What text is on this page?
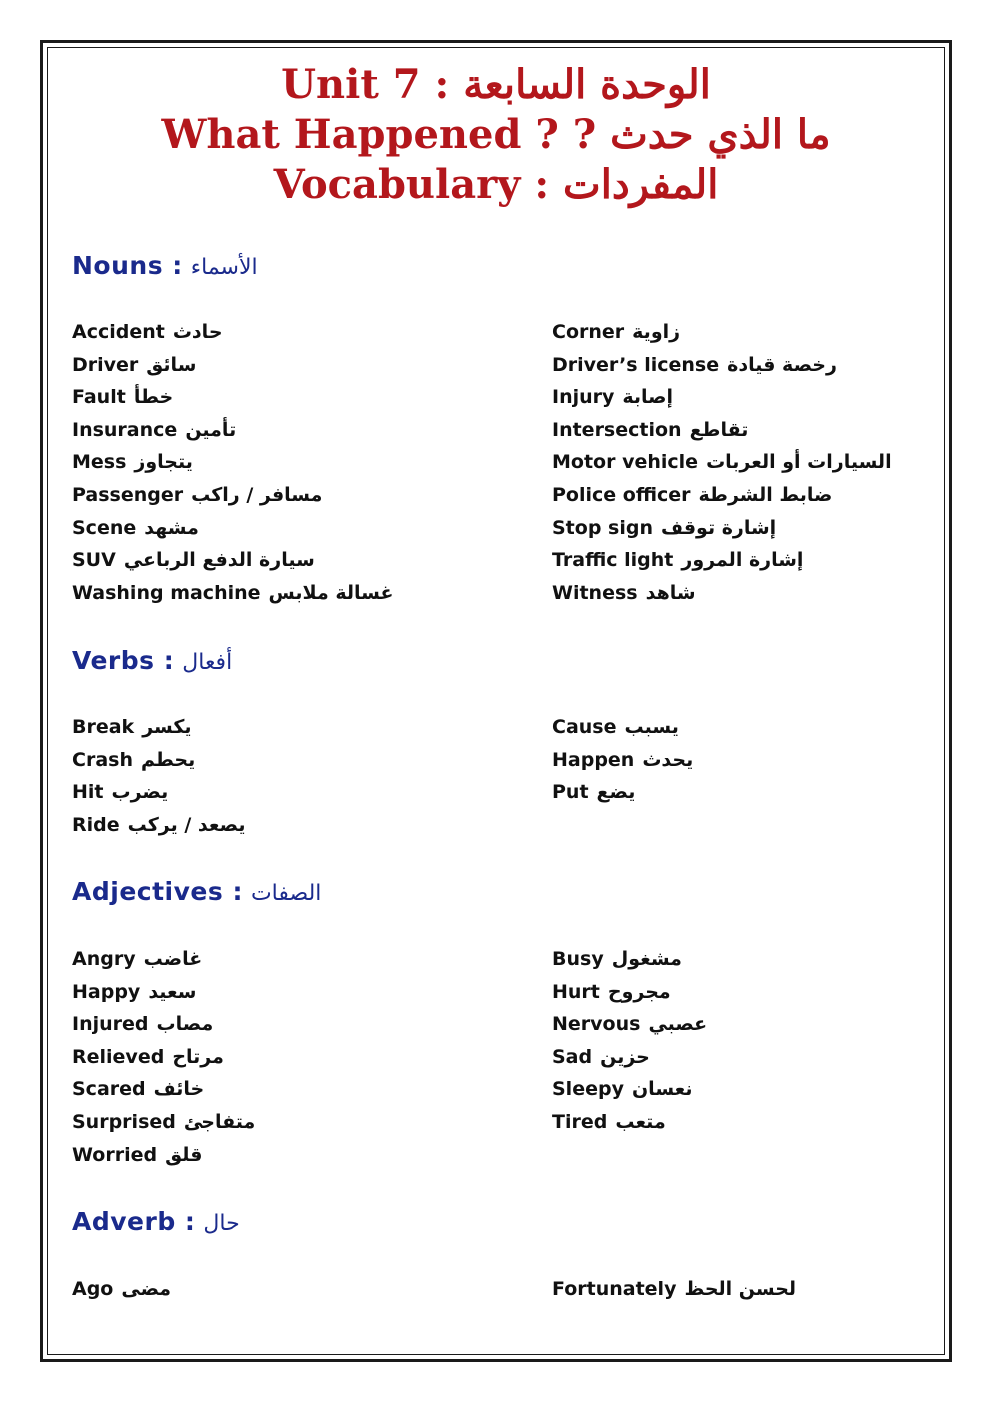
Unit 7 : الوحدة السابعة
What Happened ? ? ما الذي حدث
Vocabulary : المفردات
Nouns : الأسماء
Accident حادث
Driver سائق
Fault خطأ
Insurance تأمين
Mess يتجاوز
Passenger مسافر / راكب
Scene مشهد
SUV سيارة الدفع الرباعي
Washing machine غسالة ملابس
Corner زاوية
Driver’s license رخصة قيادة
Injury إصابة
Intersection تقاطع
Motor vehicle السيارات أو العربات
Police officer ضابط الشرطة
Stop sign إشارة توقف
Traffic light إشارة المرور
Witness شاهد
Verbs : أفعال
Break يكسر
Crash يحطم
Hit يضرب
Ride يصعد / يركب
Cause يسبب
Happen يحدث
Put يضع
Adjectives : الصفات
Angry غاضب
Happy سعيد
Injured مصاب
Relieved مرتاح
Scared خائف
Surprised متفاجئ
Worried قلق
Busy مشغول
Hurt مجروح
Nervous عصبي
Sad حزين
Sleepy نعسان
Tired متعب
Adverb : حال
Ago مضى	Fortunately لحسن الحظ
